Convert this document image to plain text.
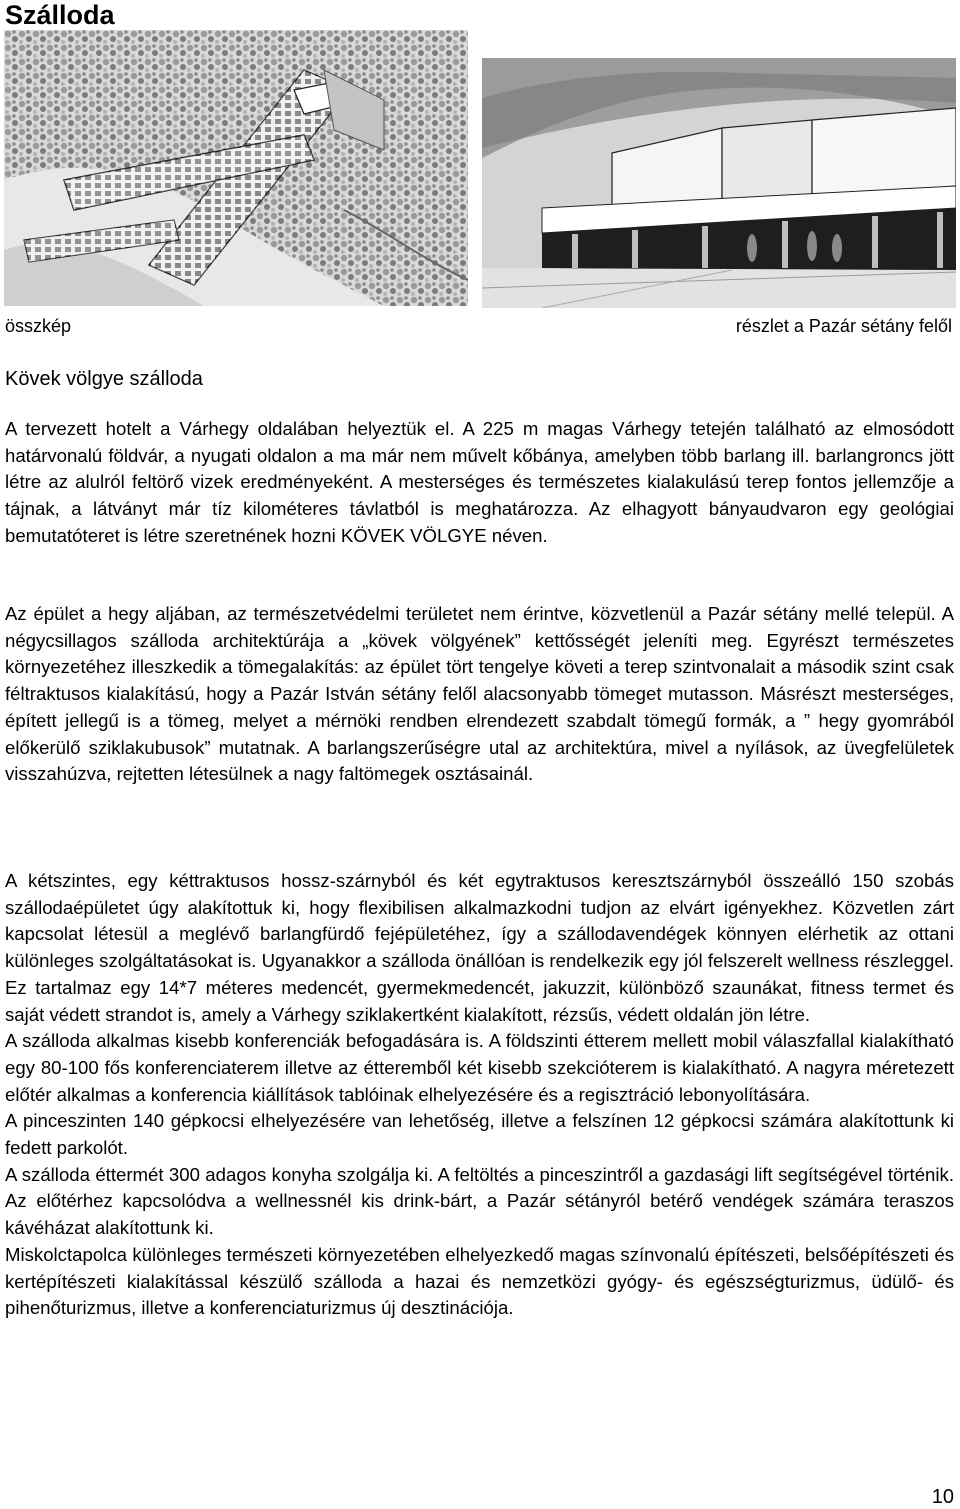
Szálloda
összkép	részlet a Pazár sétány felől
Kövek völgye szálloda

A tervezett hotelt a Várhegy oldalában helyeztük el. A 225 m magas Várhegy tetején található az elmosódott határvonalú földvár, a nyugati oldalon a ma már nem művelt kőbánya, amelyben több barlang ill. barlangroncs jött létre az alulról feltörő vizek eredményeként. A mesterséges és természetes kialakulású terep fontos jellemzője a tájnak, a látványt már tíz kilométeres távlatból is meghatározza. Az elhagyott bányaudvaron egy geológiai bemutatóteret is létre szeretnének hozni KÖVEK VÖLGYE néven.

Az épület a hegy aljában, az természetvédelmi területet nem érintve, közvetlenül a Pazár sétány mellé települ. A négycsillagos szálloda architektúrája a „kövek völgyének” kettősségét jeleníti meg. Egyrészt természetes környezetéhez illeszkedik a tömegalakítás: az épület tört tengelye követi a terep szintvonalait a második szint csak féltraktusos kialakítású, hogy a Pazár István sétány felől alacsonyabb tömeget mutasson. Másrészt mesterséges, épített jellegű is a tömeg, melyet a mérnöki rendben elrendezett szabdalt tömegű formák, a ” hegy gyomrából előkerülő sziklakubusok” mutatnak. A barlangszerűségre utal az architektúra, mivel a nyílások, az üvegfelületek visszahúzva, rejtetten létesülnek a nagy faltömegek osztásainál.

A kétszintes, egy kéttraktusos hossz-szárnyból és két egytraktusos keresztszárnyból összeálló 150 szobás szállodaépületet úgy alakítottuk ki, hogy flexibilisen alkalmazkodni tudjon az elvárt igényekhez. Közvetlen zárt kapcsolat létesül a meglévő barlangfürdő fejépületéhez, így a szállodavendégek könnyen elérhetik az ottani különleges szolgáltatásokat is. Ugyanakkor a szálloda önállóan is rendelkezik egy jól felszerelt wellness részleggel. Ez tartalmaz egy 14*7 méteres medencét, gyermekmedencét, jakuzzit, különböző szaunákat, fitness termet és saját védett strandot is, amely a Várhegy sziklakertként kialakított, rézsűs, védett oldalán jön létre.
A szálloda alkalmas kisebb konferenciák befogadására is. A földszinti étterem mellett mobil válaszfallal kialakítható egy 80-100 fős konferenciaterem illetve az étteremből két kisebb szekcióterem is kialakítható. A nagyra méretezett előtér alkalmas a konferencia kiállítások tablóinak elhelyezésére és a regisztráció lebonyolítására.
A pinceszinten 140 gépkocsi elhelyezésére van lehetőség, illetve a felszínen 12 gépkocsi számára alakítottunk ki fedett parkolót.
A szálloda éttermét 300 adagos konyha szolgálja ki. A feltöltés a pinceszintről a gazdasági lift segítségével történik. Az előtérhez kapcsolódva a wellnessnél kis drink-bárt, a Pazár sétányról betérő vendégek számára teraszos kávéházat alakítottunk ki.
Miskolctapolca különleges természeti környezetében elhelyezkedő magas színvonalú építészeti, belsőépítészeti és kertépítészeti kialakítással készülő szálloda a hazai és nemzetközi gyógy- és egészségturizmus, üdülő- és pihenőturizmus, illetve a konferenciaturizmus új desztinációja.

10
